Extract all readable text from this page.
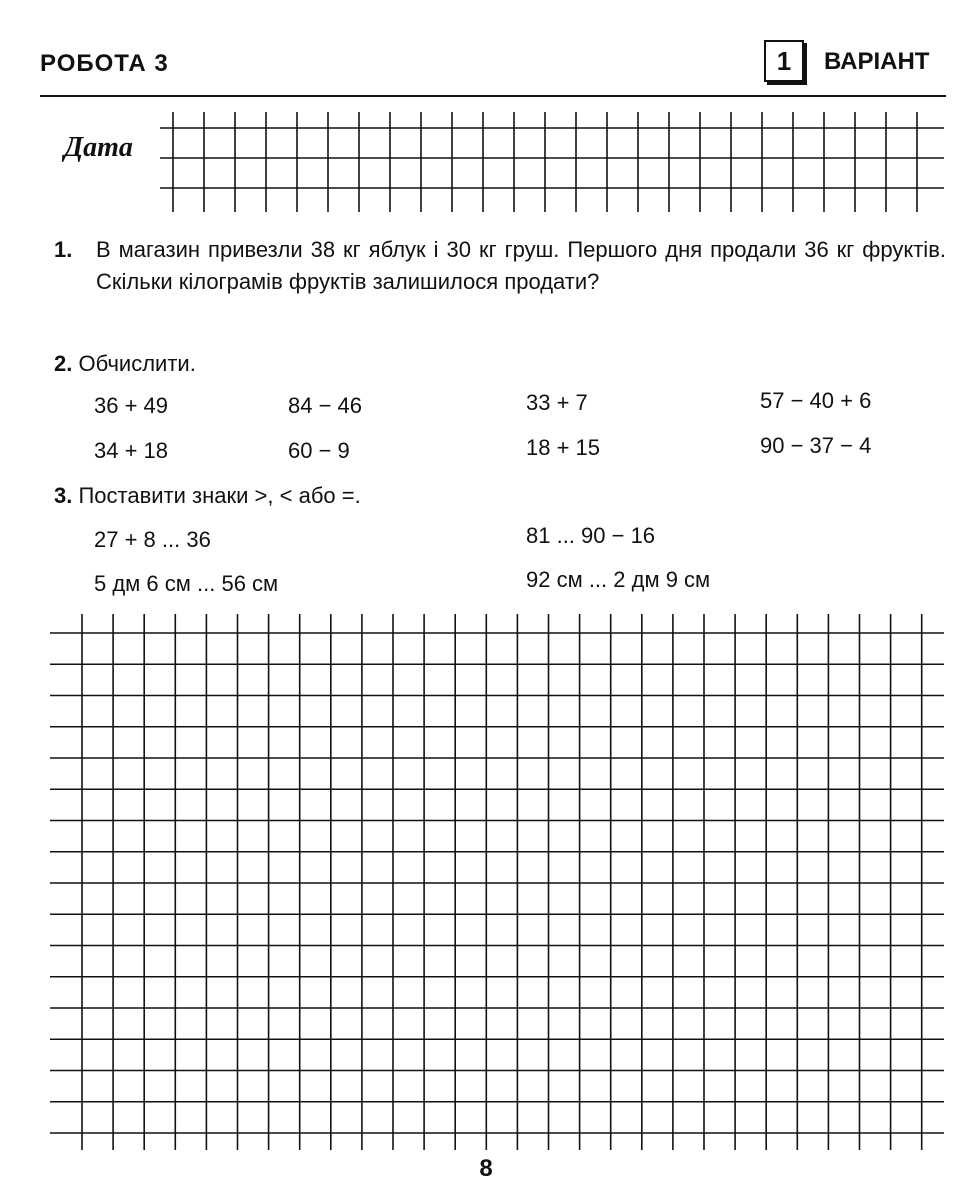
РОБОТА 3	1	ВАРІАНТ
Дата
1.	В магазин привезли 38 кг яблук і 30 кг груш. Першого дня продали 36 кг фруктів. Скільки кілограмів фруктів залишилося продати?
2. Обчислити.
36 + 49	84 − 46	33 + 7	57 − 40 + 6
34 + 18	60 − 9	18 + 15	90 − 37 − 4
3. Поставити знаки >, < або =.
27 + 8 ... 36	81 ... 90 − 16
5 дм 6 см ... 56 см	92 см ... 2 дм 9 см
8
